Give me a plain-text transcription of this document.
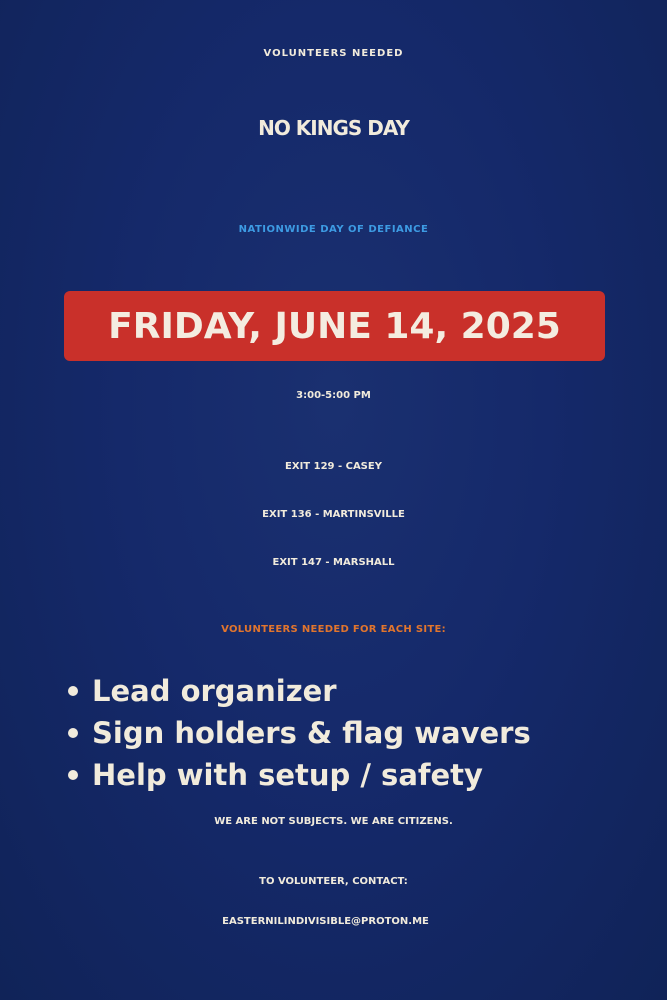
VOLUNTEERS NEEDED

NO KINGS DAY

NATIONWIDE DAY OF DEFIANCE

FRIDAY, JUNE 14, 2025

3:00-5:00 PM

EXIT 129 - CASEY

EXIT 136 - MARTINSVILLE

EXIT 147 - MARSHALL

VOLUNTEERS NEEDED FOR EACH SITE:

Lead organizer
Sign holders & flag wavers
Help with setup / safety

WE ARE NOT SUBJECTS. WE ARE CITIZENS.

TO VOLUNTEER, CONTACT:

EASTERNILINDIVISIBLE@PROTON.ME
